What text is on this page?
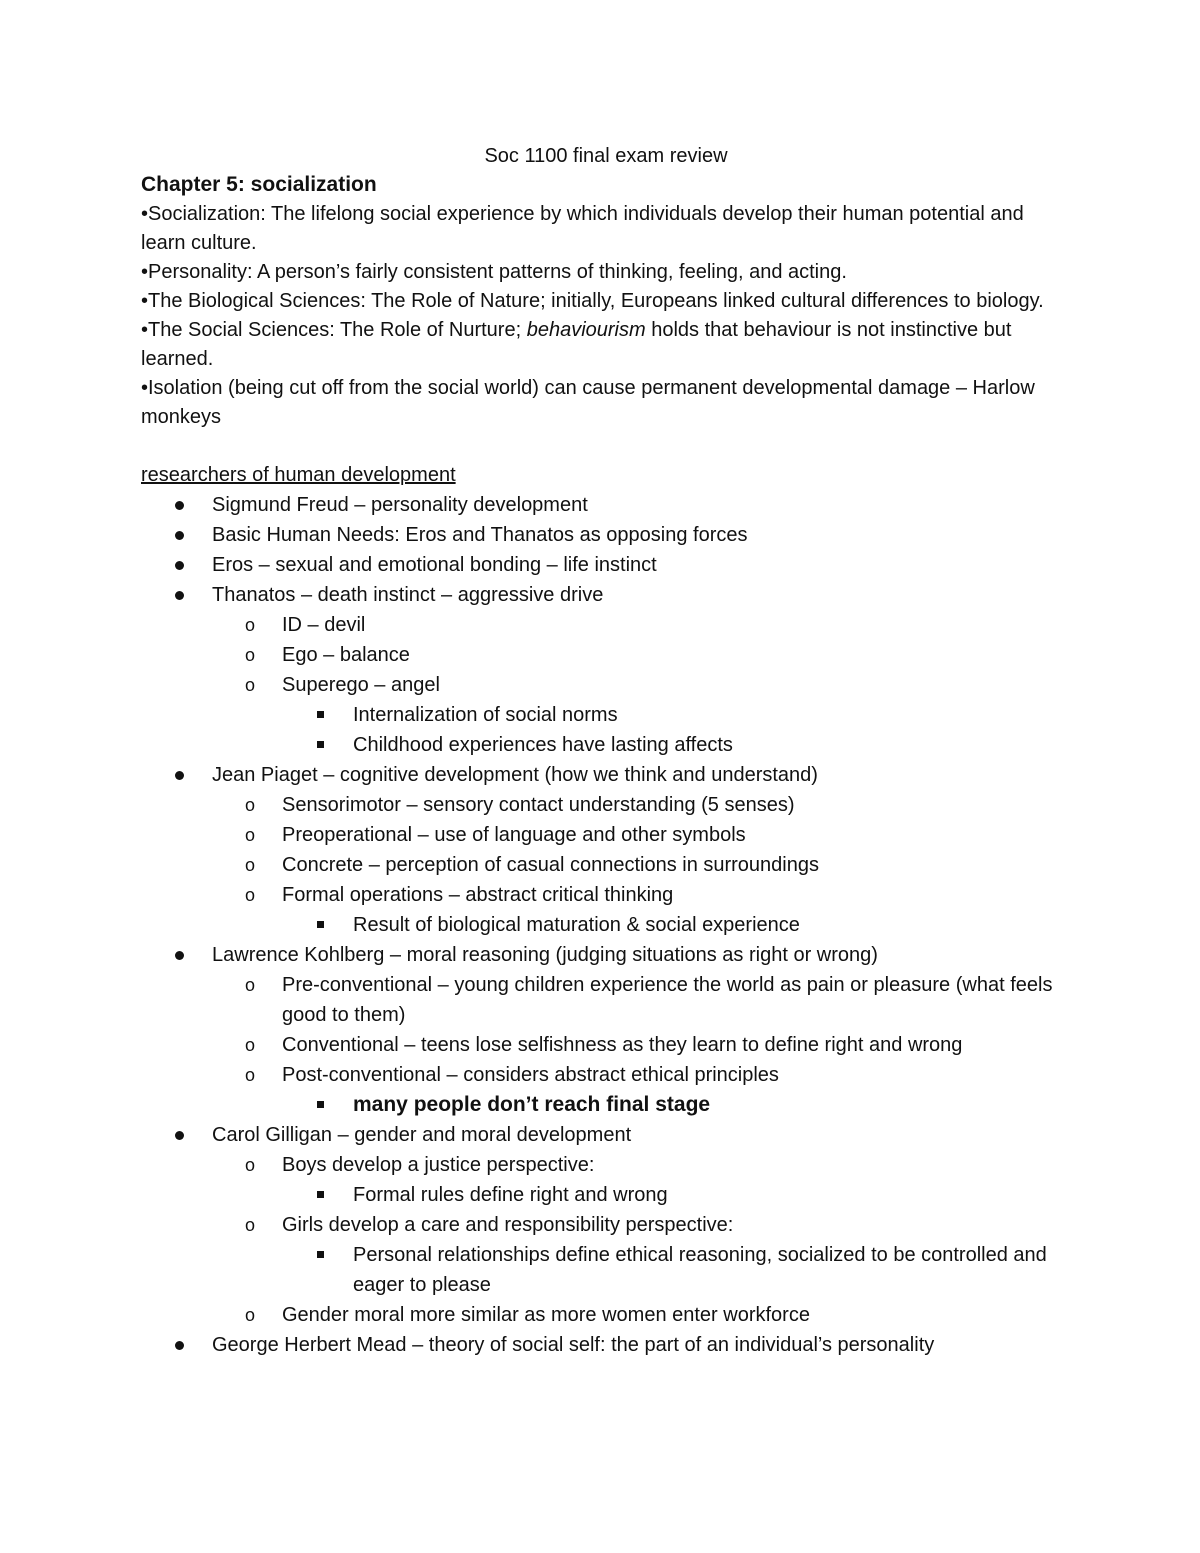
Soc 1100 final exam review
Chapter 5: socialization

•Socialization: The lifelong social experience by which individuals develop their human potential and learn culture.

•Personality: A person’s fairly consistent patterns of thinking, feeling, and acting.

•The Biological Sciences: The Role of Nature; initially, Europeans linked cultural differences to biology.

•The Social Sciences: The Role of Nurture; behaviourism holds that behaviour is not instinctive but learned.

•Isolation (being cut off from the social world) can cause permanent developmental damage – Harlow monkeys

researchers of human development
Sigmund Freud – personality development
Basic Human Needs: Eros and Thanatos as opposing forces
Eros – sexual and emotional bonding – life instinct
Thanatos – death instinct – aggressive drive
o ID – devil
o Ego – balance
o Superego – angel
Internalization of social norms
Childhood experiences have lasting affects
Jean Piaget – cognitive development (how we think and understand)
o Sensorimotor – sensory contact understanding (5 senses)
o Preoperational – use of language and other symbols
o Concrete – perception of casual connections in surroundings
o Formal operations – abstract critical thinking
Result of biological maturation & social experience
Lawrence Kohlberg – moral reasoning (judging situations as right or wrong)
o Pre-conventional – young children experience the world as pain or pleasure (what feels good to them)
o Conventional – teens lose selfishness as they learn to define right and wrong
o Post-conventional – considers abstract ethical principles
many people don’t reach final stage
Carol Gilligan – gender and moral development
o Boys develop a justice perspective:
Formal rules define right and wrong
o Girls develop a care and responsibility perspective:
Personal relationships define ethical reasoning, socialized to be controlled and eager to please
o Gender moral more similar as more women enter workforce
George Herbert Mead – theory of social self: the part of an individual’s personality
